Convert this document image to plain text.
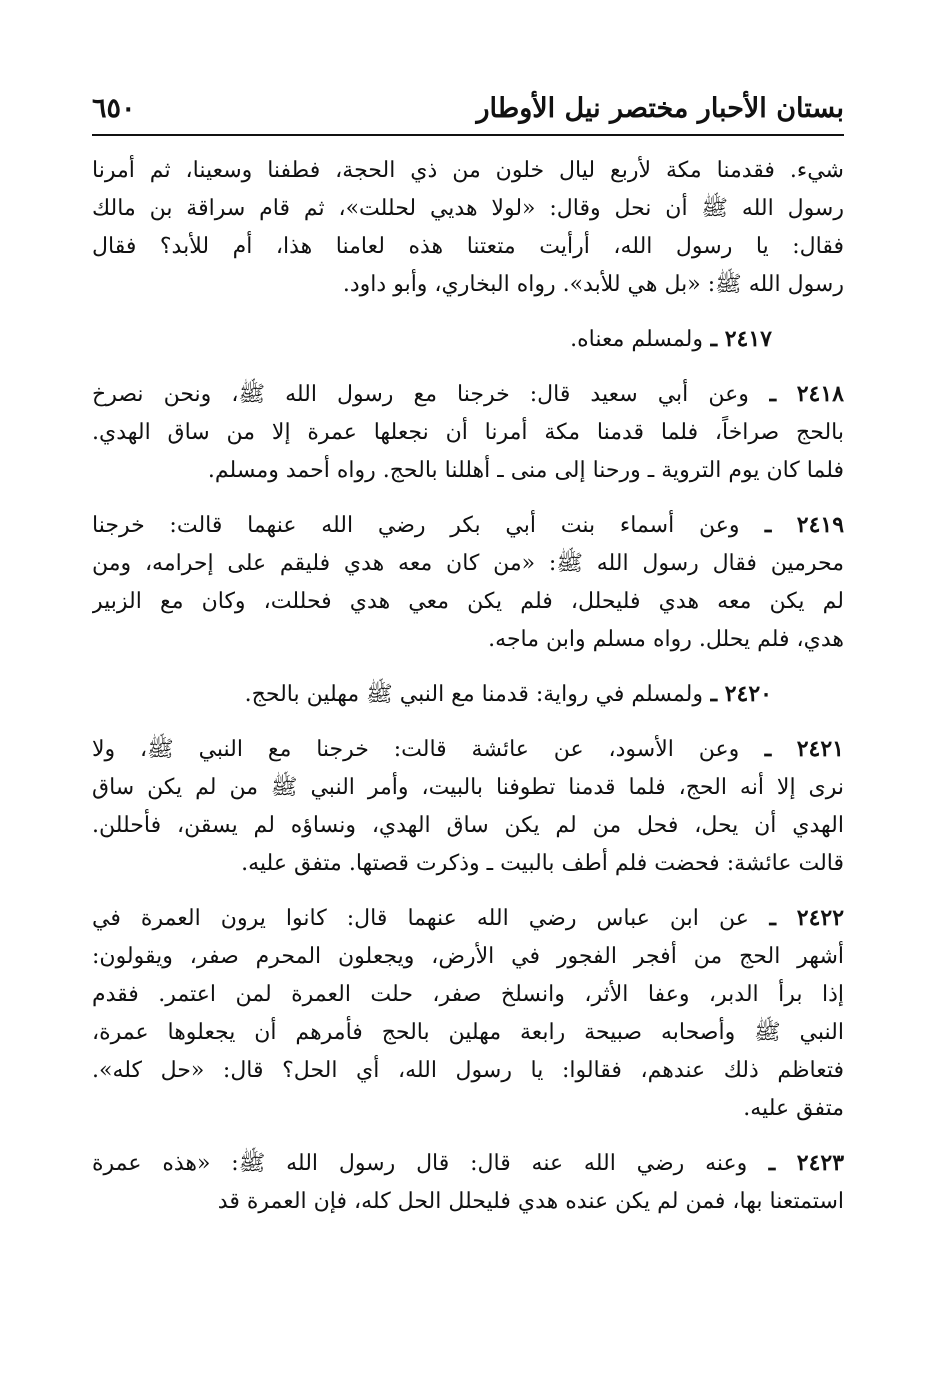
بستان الأحبار مختصر نيل الأوطار
٦٥٠
شيء. فقدمنا مكة لأربع ليال خلون من ذي الحجة، فطفنا وسعينا، ثم أمرنا
رسول الله ﷺ أن نحل وقال: «لولا هديي لحللت»، ثم قام سراقة بن مالك
فقال: يا رسول الله، أرأيت متعتنا هذه لعامنا هذا، أم للأبد؟ فقال
رسول الله ﷺ: «بل هي للأبد». رواه البخاري، وأبو داود.
٢٤١٧ ـ ولمسلم معناه.
٢٤١٨ ـ وعن أبي سعيد قال: خرجنا مع رسول الله ﷺ، ونحن نصرخ
بالحج صراخاً، فلما قدمنا مكة أمرنا أن نجعلها عمرة إلا من ساق الهدي.
فلما كان يوم التروية ـ ورحنا إلى منى ـ أهللنا بالحج. رواه أحمد ومسلم.
٢٤١٩ ـ وعن أسماء بنت أبي بكر رضي الله عنهما قالت: خرجنا
محرمين فقال رسول الله ﷺ: «من كان معه هدي فليقم على إحرامه، ومن
لم يكن معه هدي فليحلل، فلم يكن معي هدي فحللت، وكان مع الزبير
هدي، فلم يحلل. رواه مسلم وابن ماجه.
٢٤٢٠ ـ ولمسلم في رواية: قدمنا مع النبي ﷺ مهلين بالحج.
٢٤٢١ ـ وعن الأسود، عن عائشة قالت: خرجنا مع النبي ﷺ، ولا
نرى إلا أنه الحج، فلما قدمنا تطوفنا بالبيت، وأمر النبي ﷺ من لم يكن ساق
الهدي أن يحل، فحل من لم يكن ساق الهدي، ونساؤه لم يسقن، فأحللن.
قالت عائشة: فحضت فلم أطف بالبيت ـ وذكرت قصتها. متفق عليه.
٢٤٢٢ ـ عن ابن عباس رضي الله عنهما قال: كانوا يرون العمرة في
أشهر الحج من أفجر الفجور في الأرض، ويجعلون المحرم صفر، ويقولون:
إذا برأ الدبر، وعفا الأثر، وانسلخ صفر، حلت العمرة لمن اعتمر. فقدم
النبي ﷺ وأصحابه صبيحة رابعة مهلين بالحج فأمرهم أن يجعلوها عمرة،
فتعاظم ذلك عندهم، فقالوا: يا رسول الله، أي الحل؟ قال: «حل كله».
متفق عليه.
٢٤٢٣ ـ وعنه رضي الله عنه قال: قال رسول الله ﷺ: «هذه عمرة
استمتعنا بها، فمن لم يكن عنده هدي فليحلل الحل كله، فإن العمرة قد
